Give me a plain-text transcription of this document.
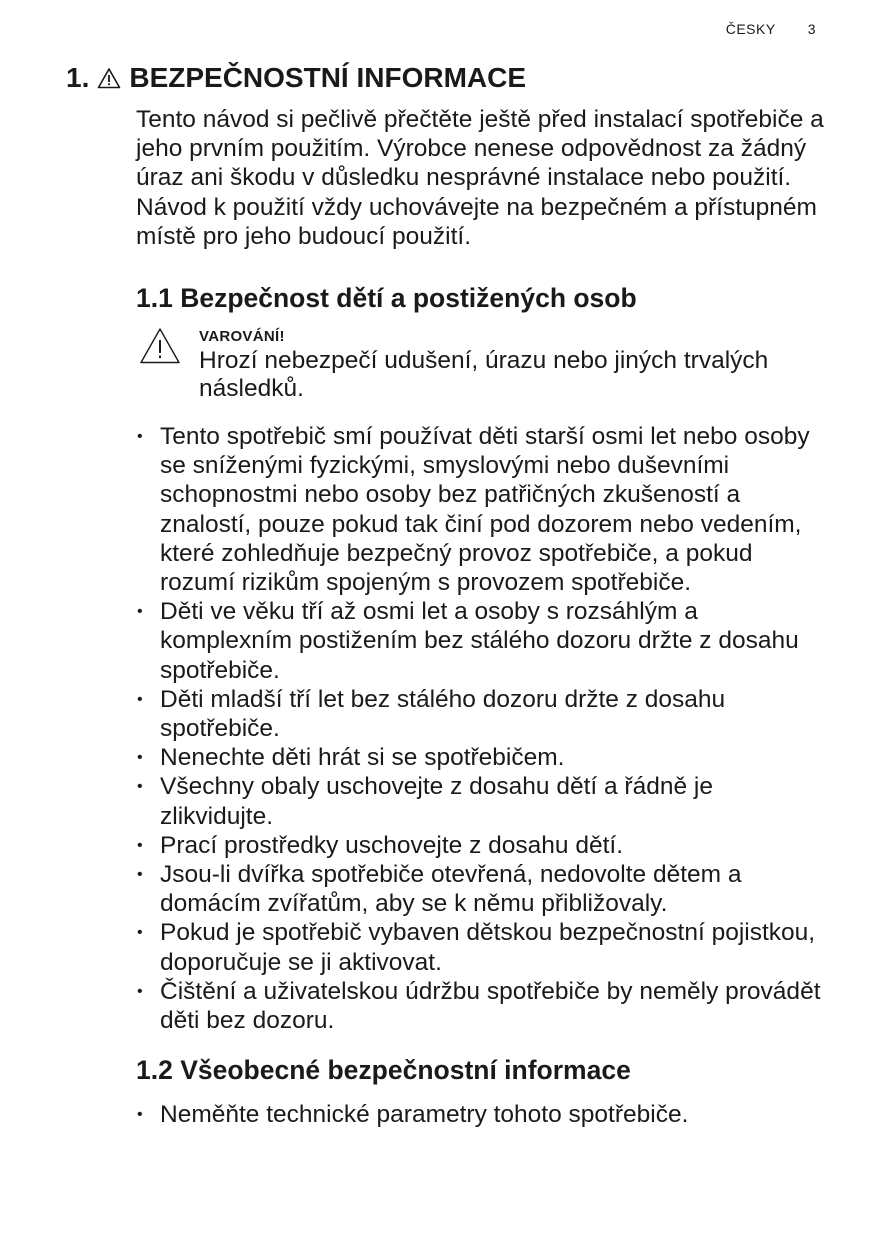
ČESKY 3
1. BEZPEČNOSTNÍ INFORMACE

Tento návod si pečlivě přečtěte ještě před instalací spotřebiče a jeho prvním použitím. Výrobce nenese odpovědnost za žádný úraz ani škodu v důsledku nesprávné instalace nebo použití. Návod k použití vždy uchovávejte na bezpečném a přístupném místě pro jeho budoucí použití.

1.1 Bezpečnost dětí a postižených osob
VAROVÁNÍ!
Hrozí nebezpečí udušení, úrazu nebo jiných trvalých následků.
• Tento spotřebič smí používat děti starší osmi let nebo osoby se sníženými fyzickými, smyslovými nebo duševními schopnostmi nebo osoby bez patřičných zkušeností a znalostí, pouze pokud tak činí pod dozorem nebo vedením, které zohledňuje bezpečný provoz spotřebiče, a pokud rozumí rizikům spojeným s provozem spotřebiče.
• Děti ve věku tří až osmi let a osoby s rozsáhlým a komplexním postižením bez stálého dozoru držte z dosahu spotřebiče.
• Děti mladší tří let bez stálého dozoru držte z dosahu spotřebiče.
• Nenechte děti hrát si se spotřebičem.
• Všechny obaly uschovejte z dosahu dětí a řádně je zlikvidujte.
• Prací prostředky uschovejte z dosahu dětí.
• Jsou-li dvířka spotřebiče otevřená, nedovolte dětem a domácím zvířatům, aby se k němu přibližovaly.
• Pokud je spotřebič vybaven dětskou bezpečnostní pojistkou, doporučuje se ji aktivovat.
• Čištění a uživatelskou údržbu spotřebiče by neměly provádět děti bez dozoru.
1.2 Všeobecné bezpečnostní informace
• Neměňte technické parametry tohoto spotřebiče.
